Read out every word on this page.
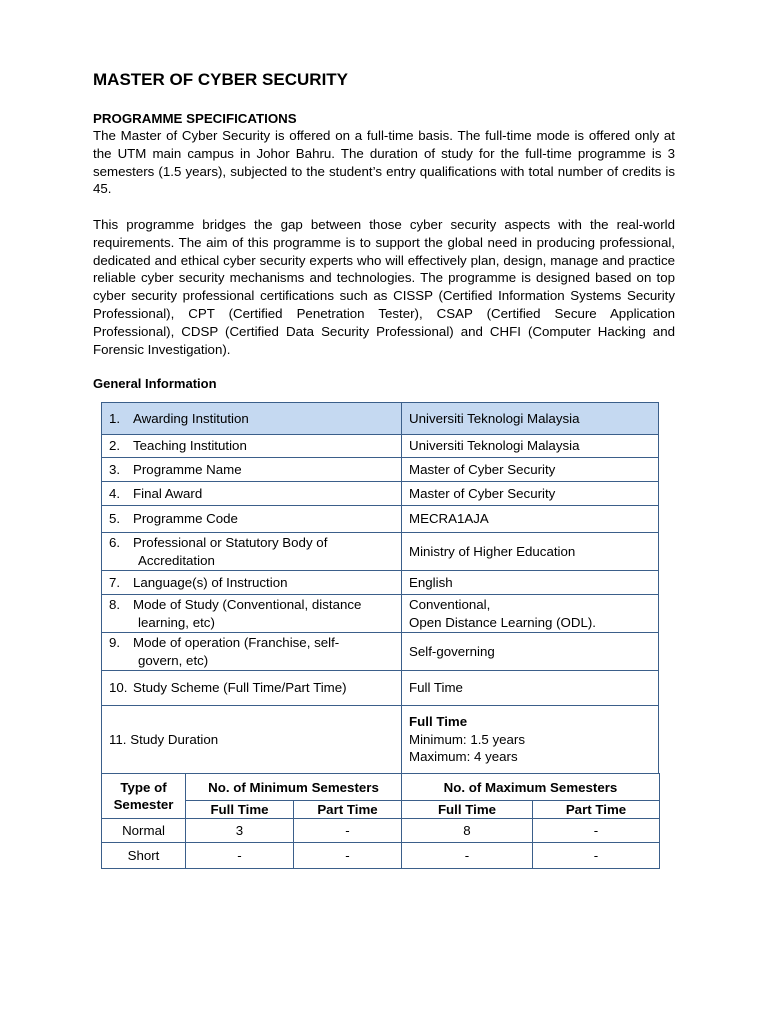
MASTER OF CYBER SECURITY
PROGRAMME SPECIFICATIONS

The Master of Cyber Security is offered on a full-time basis. The full-time mode is offered only at the UTM main campus in Johor Bahru. The duration of study for the full-time programme is 3 semesters (1.5 years), subjected to the student’s entry qualifications with total number of credits is 45.

This programme bridges the gap between those cyber security aspects with the real-world requirements. The aim of this programme is to support the global need in producing professional, dedicated and ethical cyber security experts who will effectively plan, design, manage and practice reliable cyber security mechanisms and technologies. The programme is designed based on top cyber security professional certifications such as CISSP (Certified Information Systems Security Professional), CPT (Certified Penetration Tester), CSAP (Certified Secure Application Professional), CDSP (Certified Data Security Professional) and CHFI (Computer Hacking and Forensic Investigation).

General Information
1. Awarding Institution	Universiti Teknologi Malaysia
2. Teaching Institution	Universiti Teknologi Malaysia
3. Programme Name	Master of Cyber Security
4. Final Award	Master of Cyber Security
5. Programme Code	MECRA1AJA
6. Professional or Statutory Body of
Accreditation	Ministry of Higher Education
7. Language(s) of Instruction	English
8. Mode of Study (Conventional, distance
learning, etc)	Conventional,
Open Distance Learning (ODL).
9. Mode of operation (Franchise, self-
govern, etc)	Self-governing
10. Study Scheme (Full Time/Part Time)	Full Time
11. Study Duration	Full Time
Minimum: 1.5 years
Maximum: 4 years
Type of Semester	No. of Minimum Semesters		No. of Maximum Semesters	
	Full Time	Part Time	Full Time	Part Time
Normal	3	-	8	-
Short	-	-	-	-
